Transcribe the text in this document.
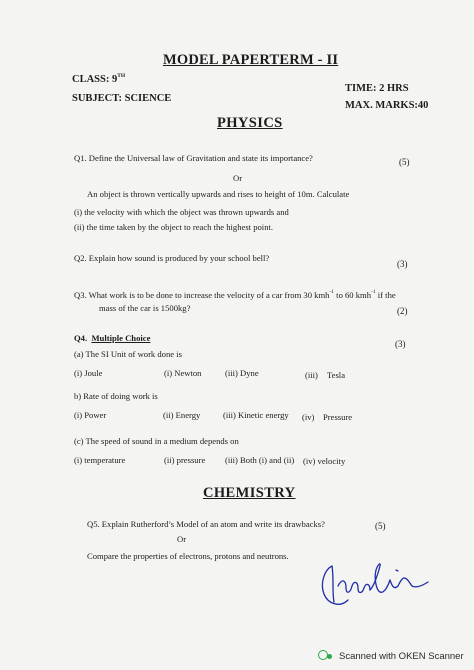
MODEL PAPERTERM - II
CLASS: 9TH
TIME: 2 HRS
SUBJECT: SCIENCE
MAX. MARKS:40
PHYSICS
Q1. Define the Universal law of Gravitation and state its importance?	(5)
Or
An object is thrown vertically upwards and rises to height of 10m. Calculate
(i) the velocity with which the object was thrown upwards and
(ii) the time taken by the object to reach the highest point.
Q2. Explain how sound is produced by your school bell?
(3)
Q3. What work is to be done to increase the velocity of a car from 30 kmh$^{-1}$ to 60 kmh$^{-1}$ if the
mass of the car is 1500kg?	(2)
Q4. Multiple Choice
(3)
(a) The SI Unit of work done is
(i) Joule	(i) Newton	(iii) Dyne	(iii) Tesla
b) Rate of doing work is
(i) Power	(ii) Energy	(iii) Kinetic energy (iv) Pressure
(c) The speed of sound in a medium depends on
(i) temperature	(ii) pressure (iii) Both (i) and (ii) (iv) velocity
CHEMISTRY
Q5. Explain Rutherford’s Model of an atom and write its drawbacks?	(5)
Or
Compare the properties of electrons, protons and neutrons.
Scanned with OKEN Scanner
